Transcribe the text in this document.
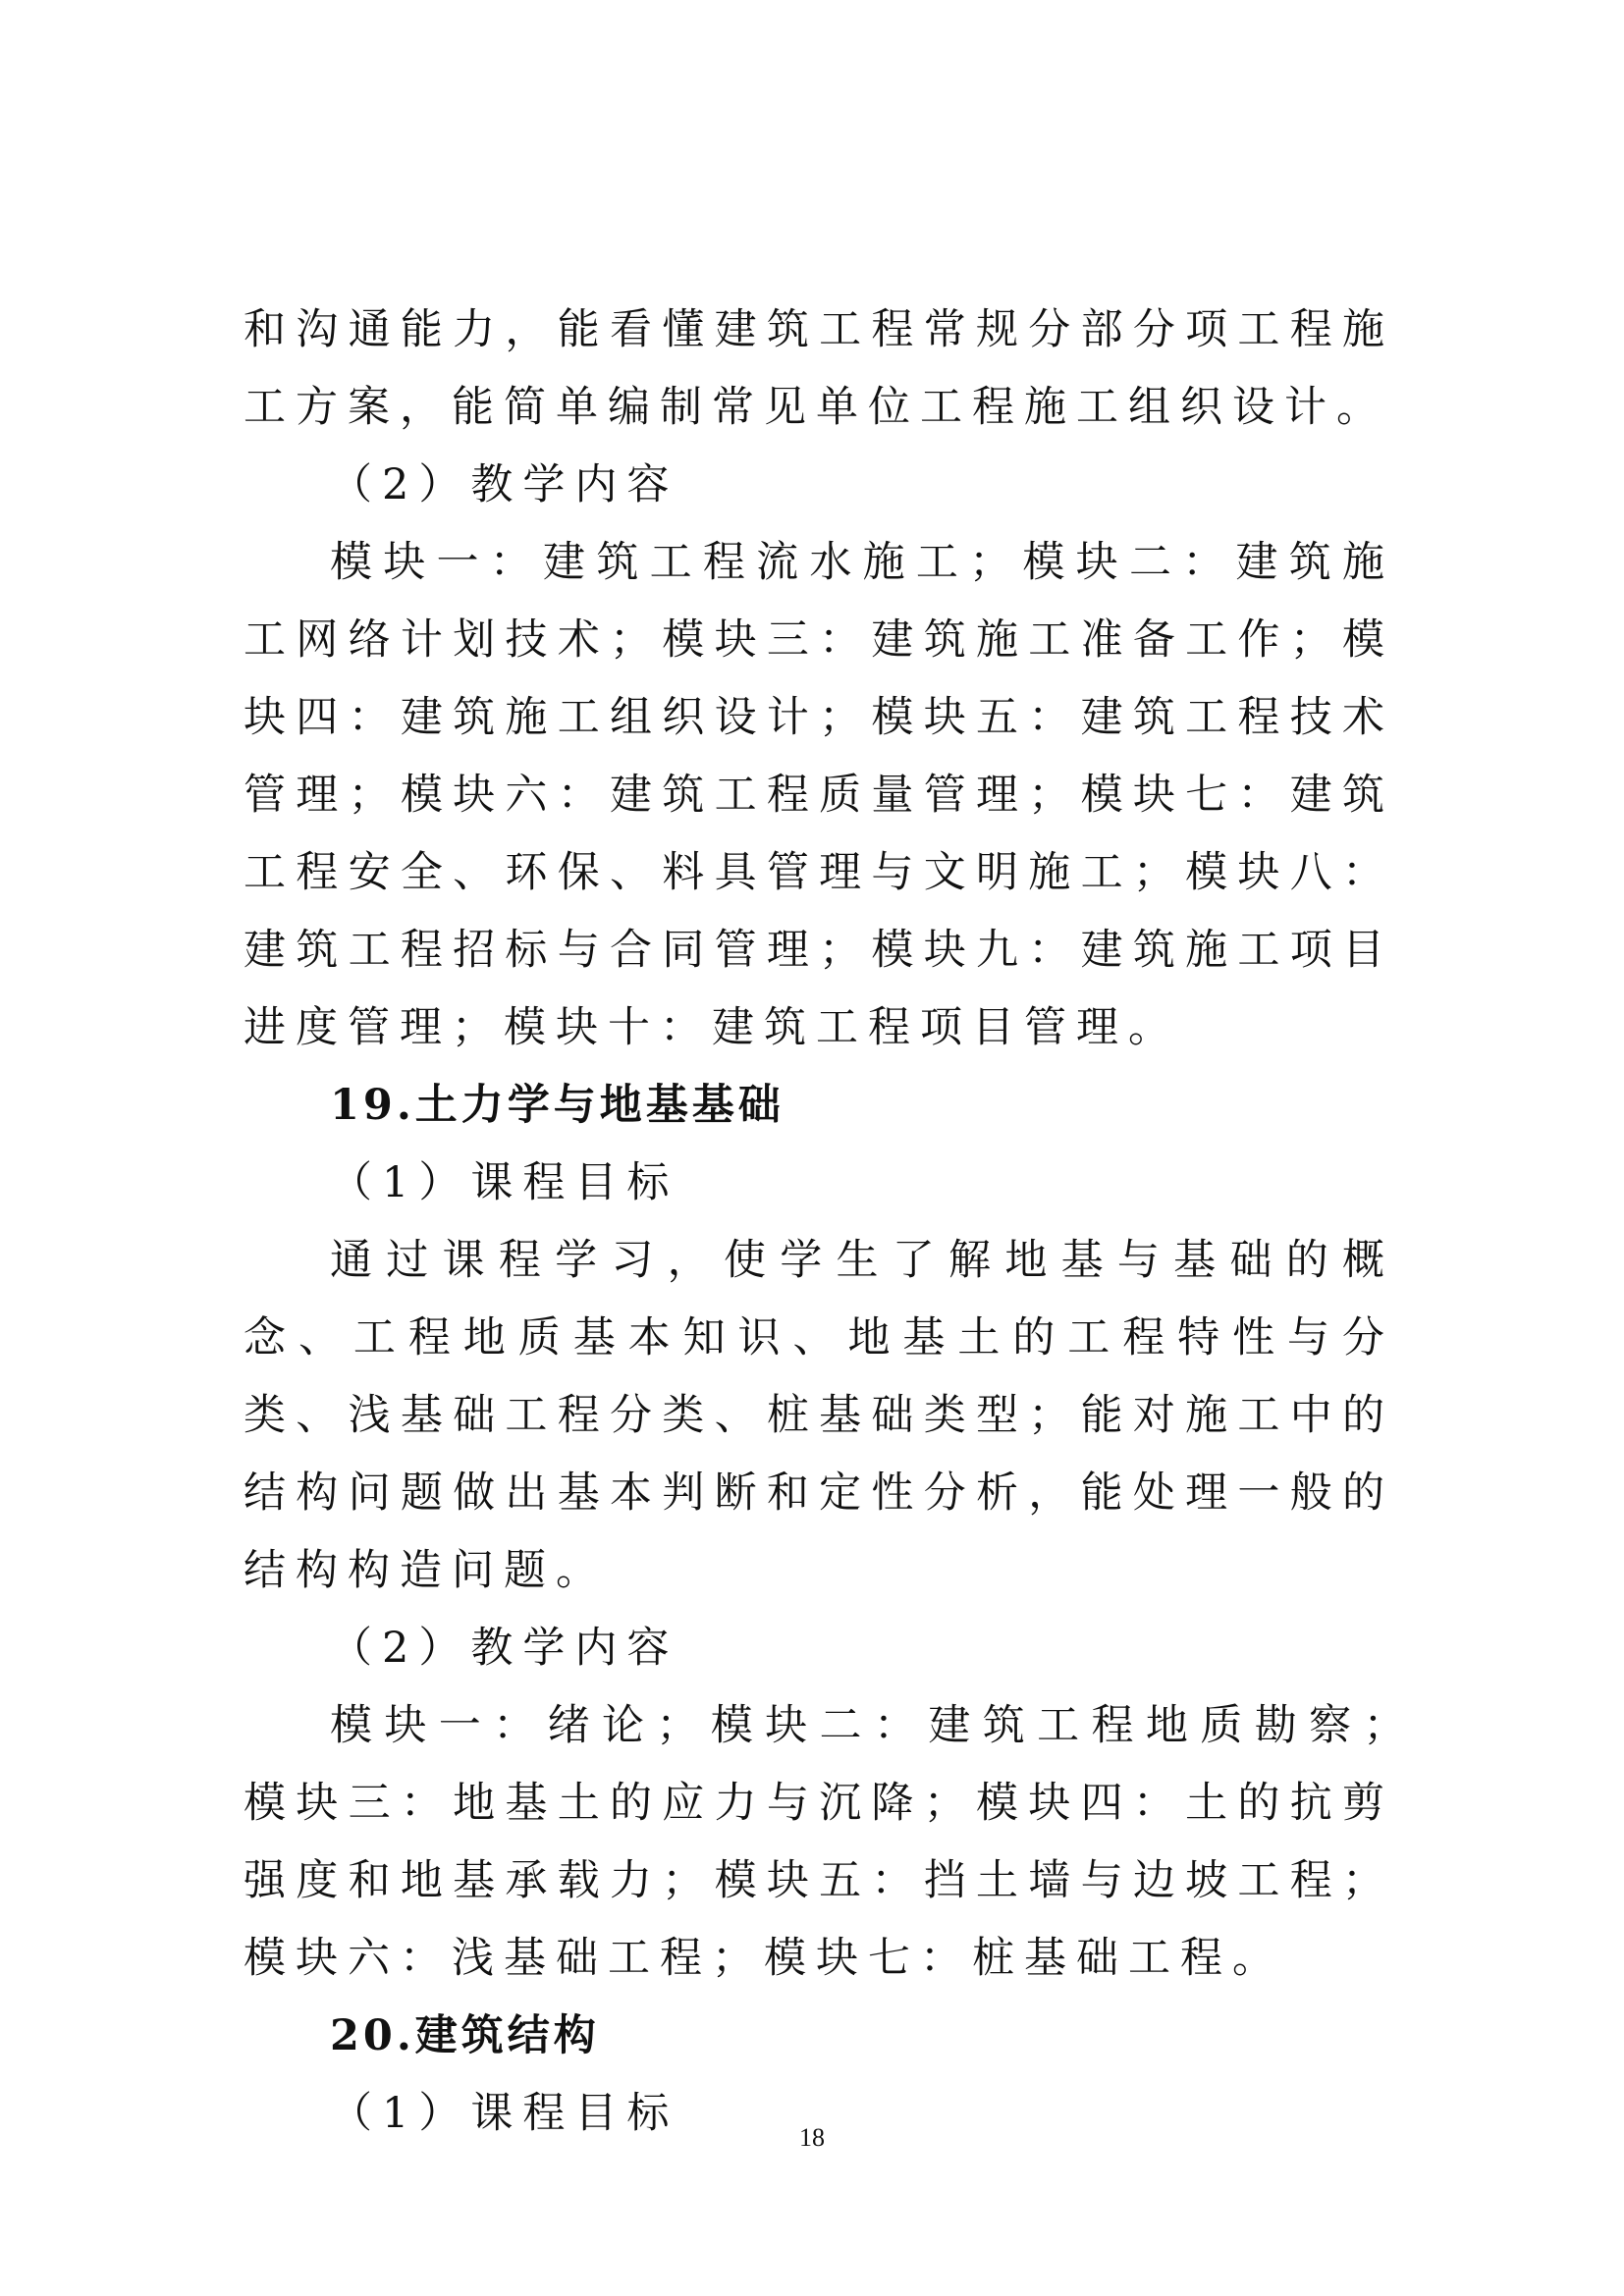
和沟通能力，能看懂建筑工程常规分部分项工程施工方案，能简单编制常见单位工程施工组织设计。

（2）教学内容

模块一：建筑工程流水施工；模块二：建筑施工网络计划技术；模块三：建筑施工准备工作；模块四：建筑施工组织设计；模块五：建筑工程技术管理；模块六：建筑工程质量管理；模块七：建筑工程安全、环保、料具管理与文明施工；模块八：建筑工程招标与合同管理；模块九：建筑施工项目进度管理；模块十：建筑工程项目管理。

19.土力学与地基基础

（1）课程目标

通过课程学习，使学生了解地基与基础的概念、工程地质基本知识、地基土的工程特性与分类、浅基础工程分类、桩基础类型；能对施工中的结构问题做出基本判断和定性分析，能处理一般的结构构造问题。

（2）教学内容

模块一：绪论；模块二：建筑工程地质勘察；　模块三：地基土的应力与沉降；模块四：土的抗剪强度和地基承载力；模块五：挡土墙与边坡工程；模块六：浅基础工程；模块七：桩基础工程。

20.建筑结构

（1）课程目标	18
